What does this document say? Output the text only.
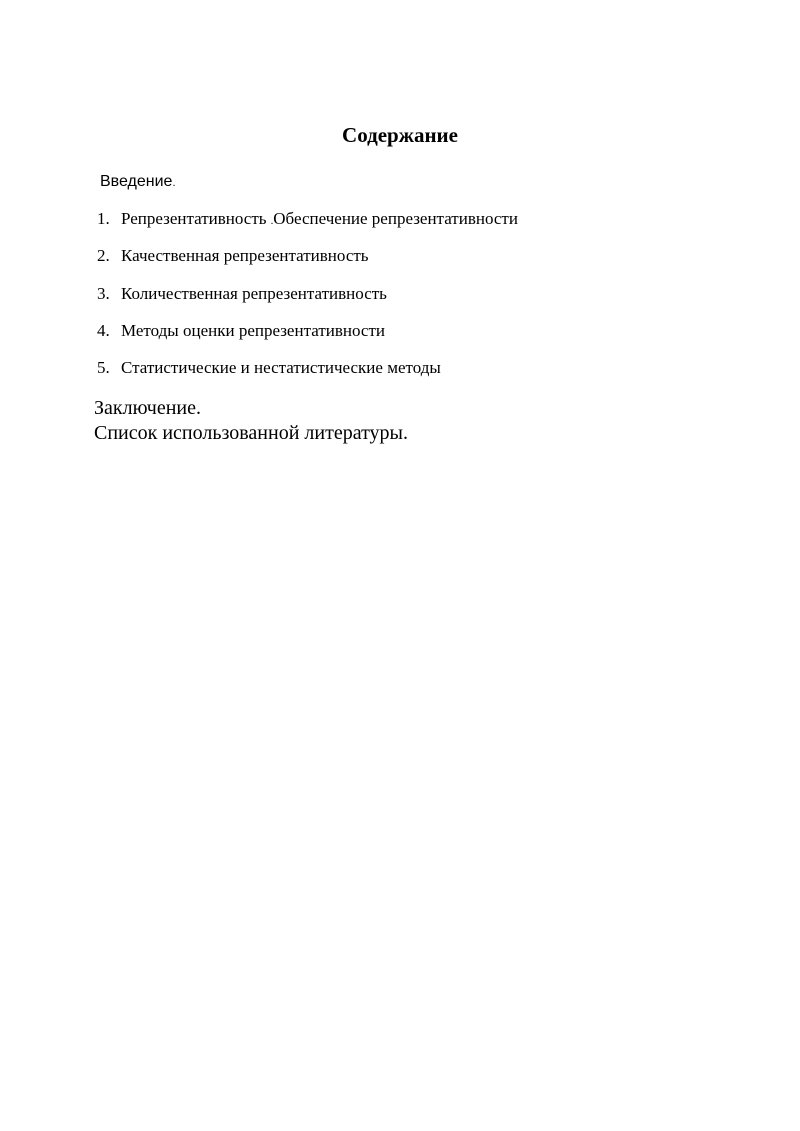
Содержание
Введение.
1. Репрезентативность .Обеспечение репрезентативности
2. Качественная репрезентативность
3. Количественная репрезентативность
4. Методы оценки репрезентативности
5. Статистические и нестатистические методы
Заключение.
Список использованной литературы.
